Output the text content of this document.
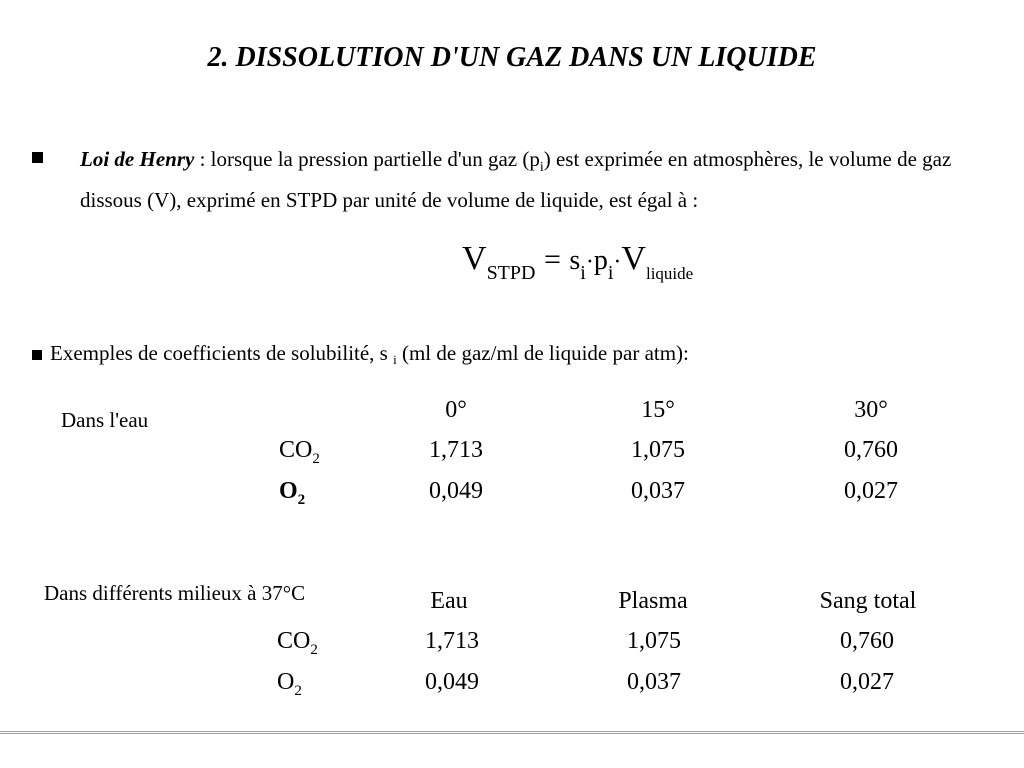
2. DISSOLUTION D'UN GAZ DANS UN LIQUIDE
Loi de Henry : lorsque la pression partielle d'un gaz $(p_i)$ est exprimée en atmosphères, le volume de gaz dissous (V), exprimé en STPD par unité de volume de liquide, est égal à :
$V_{STPD} = s_i\cdot p_i\cdot V_{liquide}$
Exemples de coefficients de solubilité, s i (ml de gaz/ml de liquide par atm):
Dans l'eau	0°	15°	30°
$CO_2$	1,713	1,075	0,760
$O_2$	0,049	0,037	0,027
Dans différents milieux à 37°C	Eau	Plasma	Sang total
$CO_2$	1,713	1,075	0,760
$O_2$	0,049	0,037	0,027
